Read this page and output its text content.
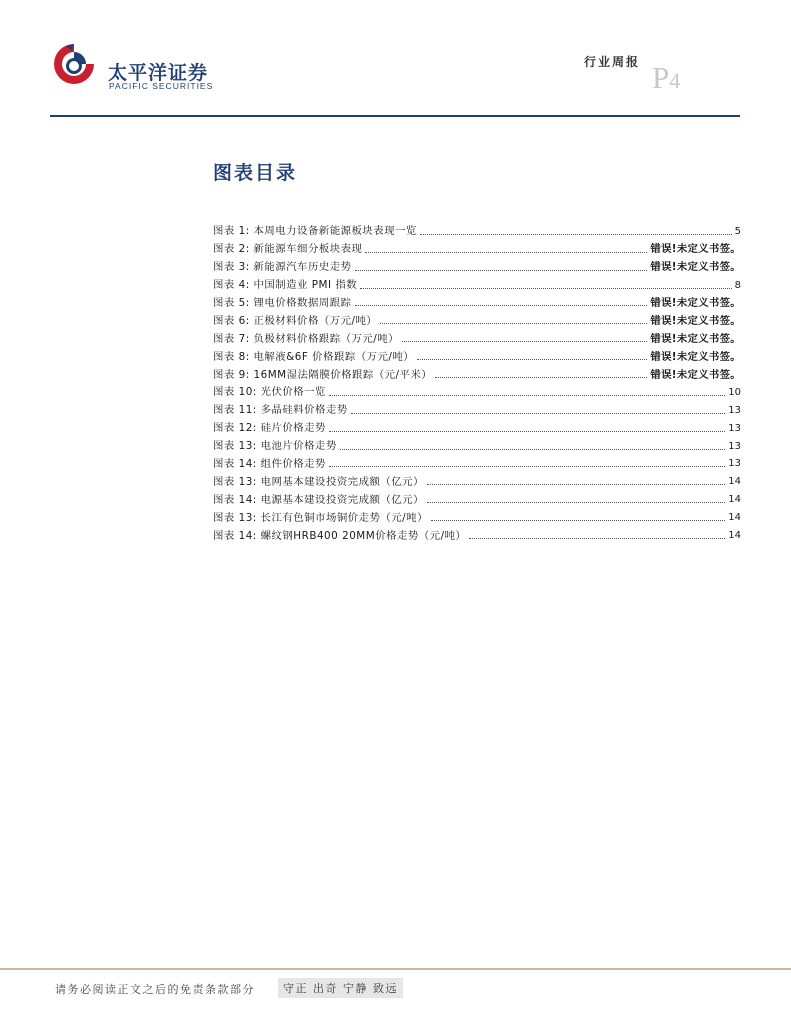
太平洋证券
PACIFIC SECURITIES
行业周报 P4
图表目录
图表 1: 本周电力设备新能源板块表现一览	5
图表 2: 新能源车细分板块表现	错误!未定义书签。
图表 3: 新能源汽车历史走势	错误!未定义书签。
图表 4: 中国制造业 PMI 指数	8
图表 5: 锂电价格数据周跟踪	错误!未定义书签。
图表 6: 正极材料价格（万元/吨）	错误!未定义书签。
图表 7: 负极材料价格跟踪（万元/吨）	错误!未定义书签。
图表 8: 电解液&6F 价格跟踪（万元/吨）	错误!未定义书签。
图表 9: 16MM湿法隔膜价格跟踪（元/平米）	错误!未定义书签。
图表 10: 光伏价格一览	10
图表 11: 多晶硅料价格走势	13
图表 12: 硅片价格走势	13
图表 13: 电池片价格走势	13
图表 14: 组件价格走势	13
图表 13: 电网基本建设投资完成额（亿元）	14
图表 14: 电源基本建设投资完成额（亿元）	14
图表 13: 长江有色铜市场铜价走势（元/吨）	14
图表 14: 螺纹钢HRB400 20MM价格走势（元/吨）	14
请务必阅读正文之后的免责条款部分	守正 出奇 宁静 致远
